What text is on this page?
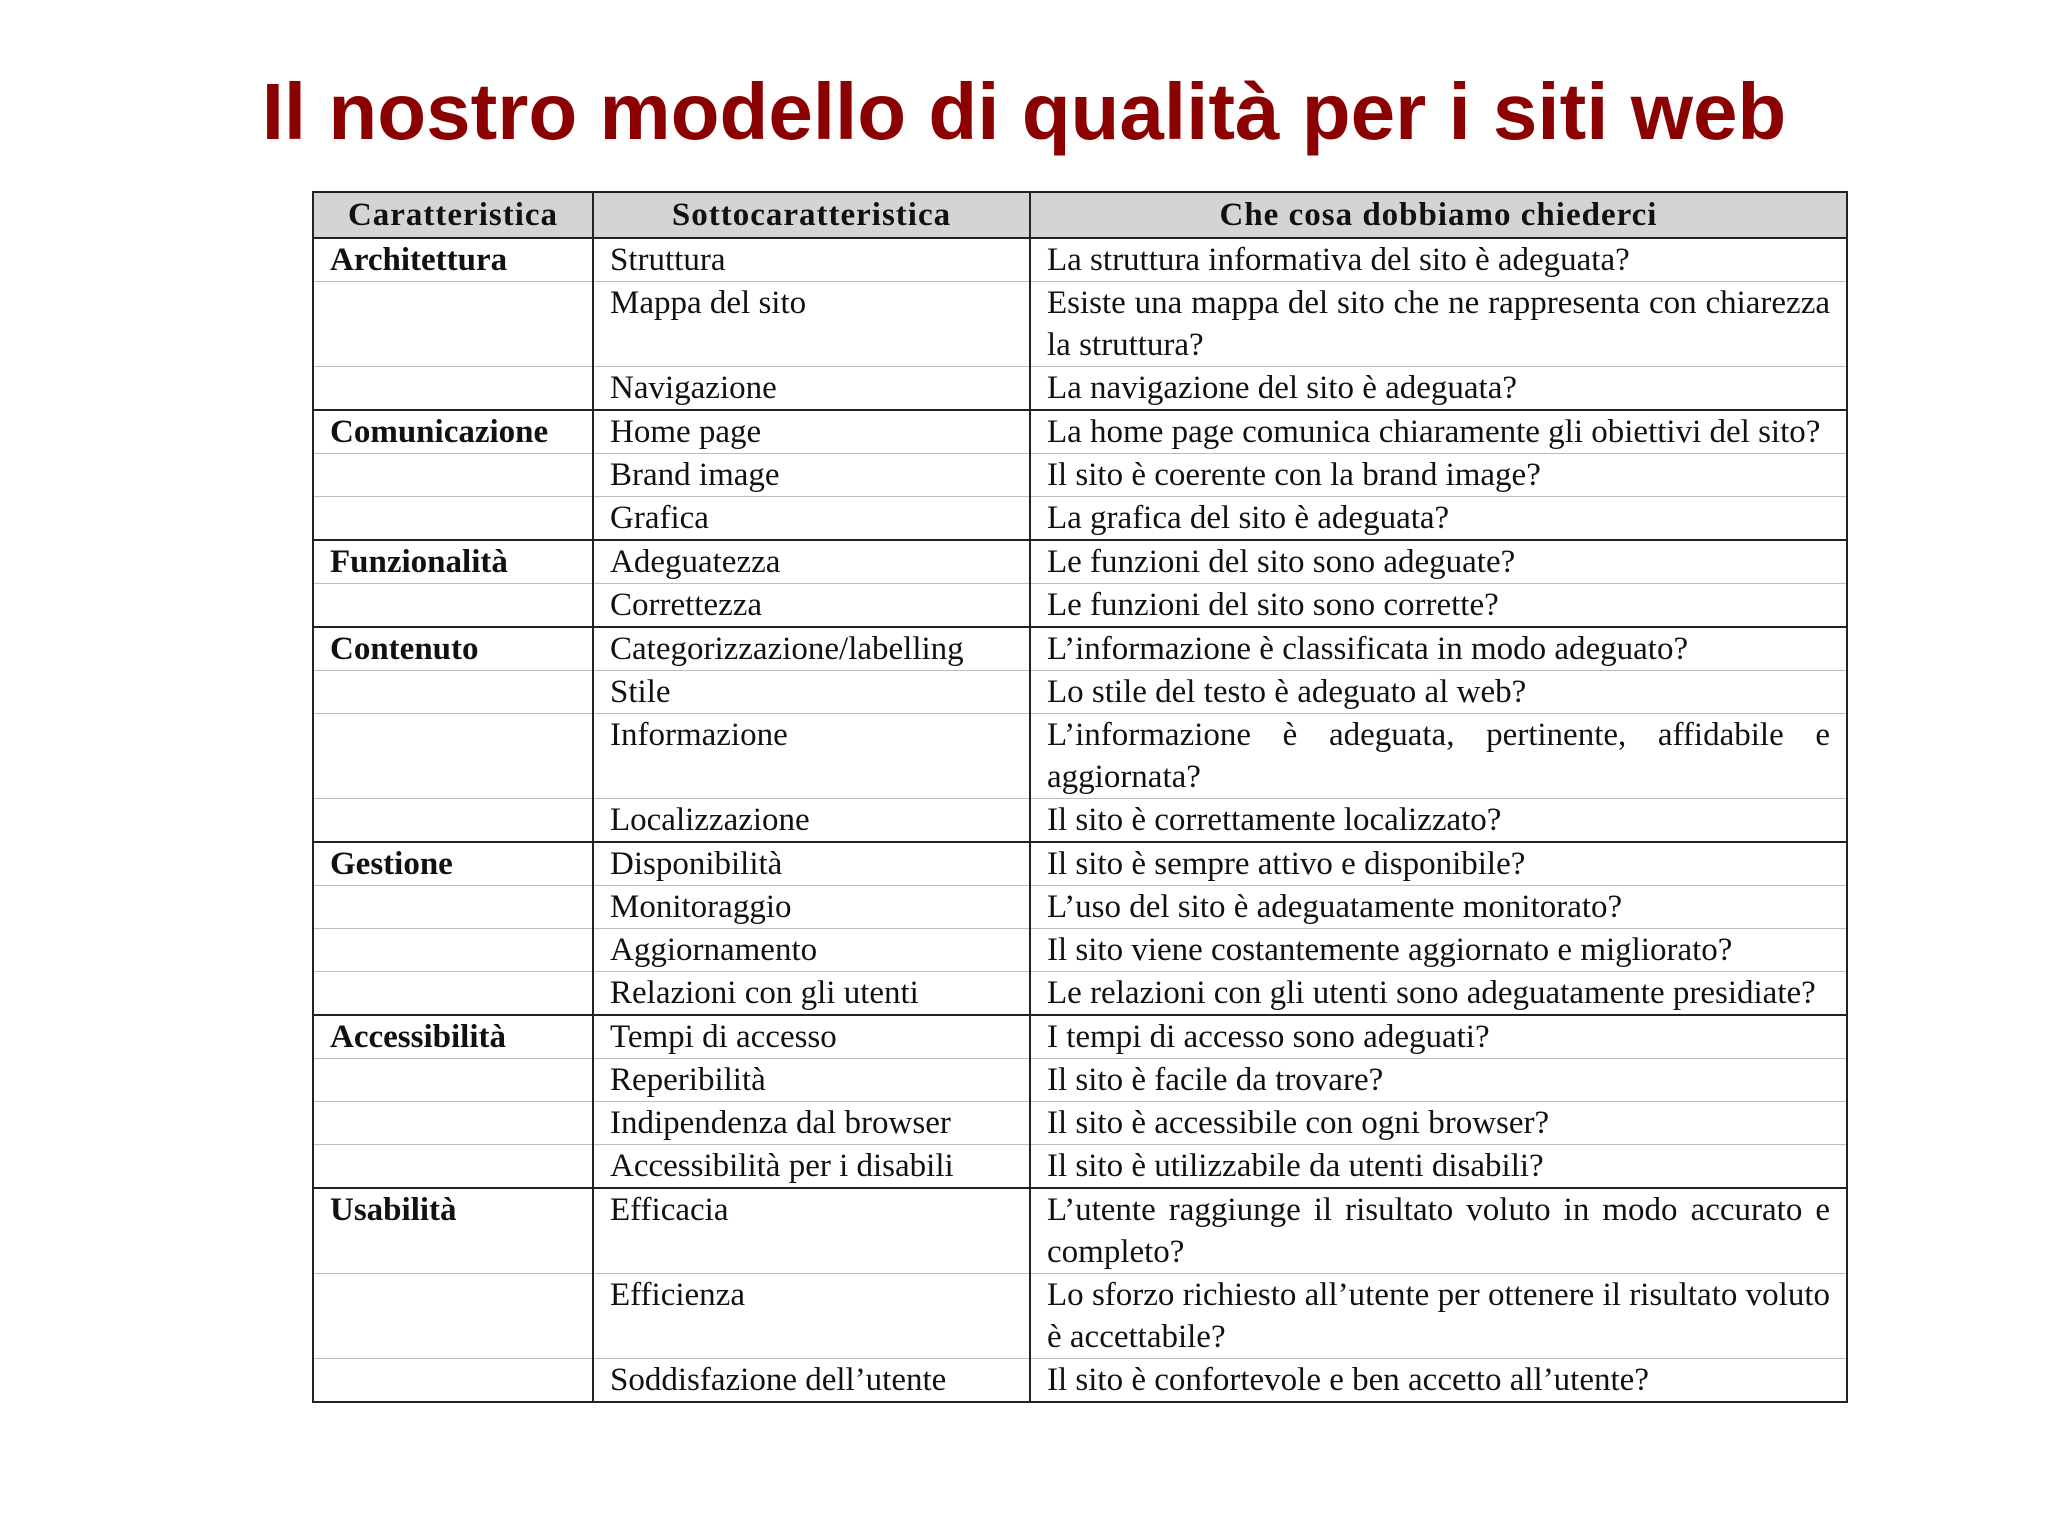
Il nostro modello di qualità per i siti web
Caratteristica	Sottocaratteristica	Che cosa dobbiamo chiederci
Architettura	Struttura	La struttura informativa del sito è adeguata?
	Mappa del sito	Esiste una mappa del sito che ne rappresenta con chiarezza la struttura?
	Navigazione	La navigazione del sito è adeguata?
Comunicazione	Home page	La home page comunica chiaramente gli obiettivi del sito?
	Brand image	Il sito è coerente con la brand image?
	Grafica	La grafica del sito è adeguata?
Funzionalità	Adeguatezza	Le funzioni del sito sono adeguate?
	Correttezza	Le funzioni del sito sono corrette?
Contenuto	Categorizzazione/labelling	L’informazione è classificata in modo adeguato?
	Stile	Lo stile del testo è adeguato al web?
	Informazione	L’informazione è adeguata, pertinente, affidabile e aggiornata?
	Localizzazione	Il sito è correttamente localizzato?
Gestione	Disponibilità	Il sito è sempre attivo e disponibile?
	Monitoraggio	L’uso del sito è adeguatamente monitorato?
	Aggiornamento	Il sito viene costantemente aggiornato e migliorato?
	Relazioni con gli utenti	Le relazioni con gli utenti sono adeguatamente presidiate?
Accessibilità	Tempi di accesso	I tempi di accesso sono adeguati?
	Reperibilità	Il sito è facile da trovare?
	Indipendenza dal browser	Il sito è accessibile con ogni browser?
	Accessibilità per i disabili	Il sito è utilizzabile da utenti disabili?
Usabilità	Efficacia	L’utente raggiunge il risultato voluto in modo accurato e completo?
	Efficienza	Lo sforzo richiesto all’utente per ottenere il risultato voluto è accettabile?
	Soddisfazione dell’utente	Il sito è confortevole e ben accetto all’utente?
